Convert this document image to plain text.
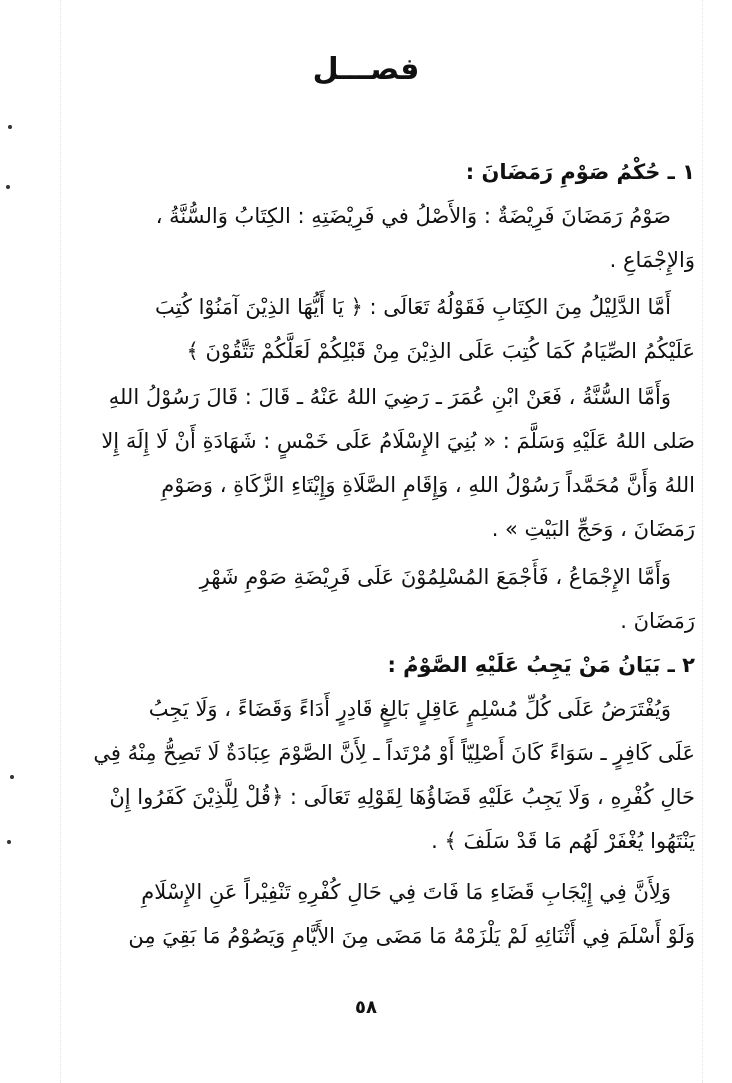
فصـــل
١ ـ حُكْمُ صَوْمِ رَمَضَانَ :
صَوْمُ رَمَضَانَ فَرِيْضَةٌ : وَالأَصْلُ في فَرِيْضَتِهِ : الكِتَابُ وَالسُّنَّةُ ،
وَالإِجْمَاعِ .
أَمَّا الدَّلِيْلُ مِنَ الكِتَابِ فَقَوْلُهُ تَعَالَى : ﴿ يَا أَيُّهَا الذِيْنَ آمَنُوْا كُتِبَ
عَلَيْكُمُ الصِّيَامُ كَمَا كُتِبَ عَلَى الذِيْنَ مِنْ قَبْلِكُمْ لَعَلَّكُمْ تَتَّقُوْنَ ﴾
وَأَمَّا السُّنَّةُ ، فَعَنْ ابْنِ عُمَرَ ـ رَضِيَ اللهُ عَنْهُ ـ قَالَ : قَالَ رَسُوْلُ اللهِ
صَلى اللهُ عَلَيْهِ وَسَلَّمَ : « بُنِيَ الإِسْلَامُ عَلَى خَمْسٍ : شَهَادَةِ أَنْ لَا إِلَهَ إِلا
اللهُ وَأَنَّ مُحَمَّداً رَسُوْلُ اللهِ ، وَإِقَامِ الصَّلَاةِ وَإِيْتَاءِ الزَّكَاةِ ، وَصَوْمِ
رَمَضَانَ ، وَحَجِّ البَيْتِ » .
وَأَمَّا الإِجْمَاعُ ، فَأَجْمَعَ المُسْلِمُوْنَ عَلَى فَرِيْضَةِ صَوْمِ شَهْرِ
رَمَضَانَ .
٢ ـ بَيَانُ مَنْ يَجِبُ عَلَيْهِ الصَّوْمُ :
وَيُفْتَرَضُ عَلَى كُلِّ مُسْلِمٍ عَاقِلٍ بَالِغٍ قَادِرٍ أَدَاءً وَقَضَاءً ، وَلَا يَجِبُ
عَلَى كَافِرٍ ـ سَوَاءً كَانَ أَصْلِيّاً أَوْ مُرْتَداً ـ لِأَنَّ الصَّوْمَ عِبَادَةٌ لَا تَصِحُّ مِنْهُ فِي
حَالِ كُفْرِهِ ، وَلَا يَجِبُ عَلَيْهِ قَضَاؤُهَا لِقَوْلِهِ تَعَالَى : ﴿قُلْ لِلَّذِيْنَ كَفَرُوا إِنْ
يَنْتَهُوا يُغْفَرْ لَهُم مَا قَدْ سَلَفَ ﴾ .
وَلِأَنَّ فِي إِيْجَابِ قَضَاءِ مَا فَاتَ فِي حَالِ كُفْرِهِ تَنْفِيْراً عَنِ الإِسْلَامِ
وَلَوْ أَسْلَمَ فِي أَثْنَائِهِ لَمْ يَلْزَمْهُ مَا مَضَى مِنَ الأَيَّامِ وَيَصُوْمُ مَا بَقِيَ مِن
٥٨
